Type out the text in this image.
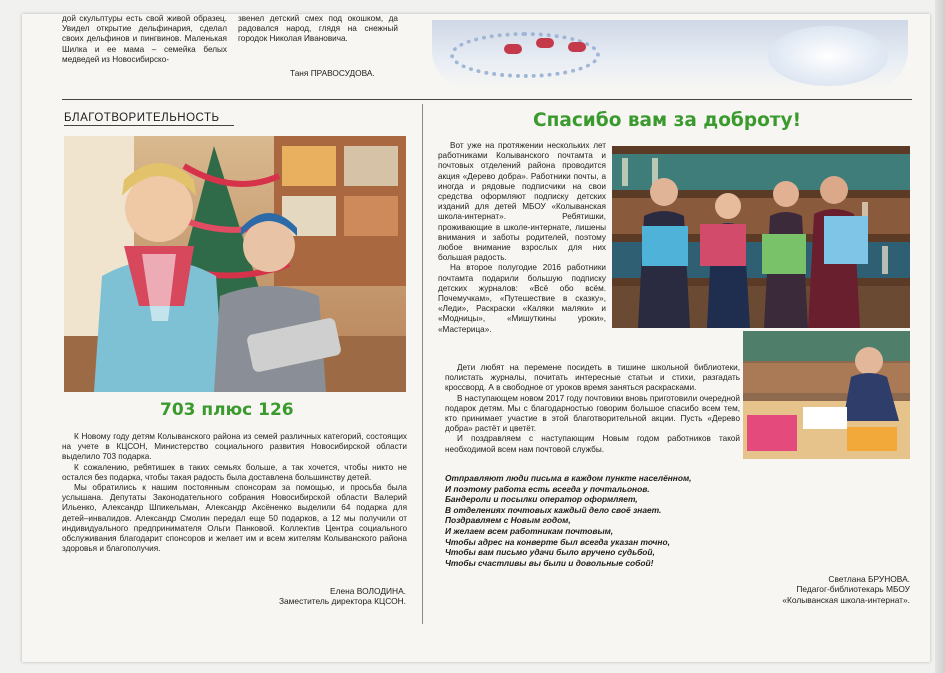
дой скульптуры есть свой живой образец. Увидел открытие дельфинария, сделал своих дельфинов и пингвинов. Маленькая Шилка и ее мама – семейка белых медведей из Новосибирско-

звенел детский смех под окошком, да радовался народ, глядя на снежный городок Николая Ивановича.

Таня ПРАВОСУДОВА.
БЛАГОТВОРИТЕЛЬНОСТЬ
703 плюс 126

К Новому году детям Колыванского района из семей различных категорий, состоящих на учете в КЦСОН, Министерство социального развития Новосибирской области выделило 703 подарка.

К сожалению, ребятишек в таких семьях больше, а так хочется, чтобы никто не остался без подарка, чтобы такая радость была доставлена большинству детей.

Мы обратились к нашим постоянным спонсорам за помощью, и просьба была услышана. Депутаты Законодательного собрания Новосибирской области Валерий Ильенко, Александр Шпикельман, Александр Аксёненко выделили 64 подарка для детей–инвалидов. Александр Смолин передал еще 50 подарков, а 12 мы получили от индивидуального предпринимателя Ольги Панковой. Коллектив Центра социального обслуживания благодарит спонсоров и желает им и всем жителям Колыванского района здоровья и благополучия.

Елена ВОЛОДИНА.
Заместитель директора КЦСОН.
Спасибо вам за доброту!

Вот уже на протяжении нескольких лет работниками Колыванского почтамта и почтовых отделений района проводится акция «Дерево добра». Работники почты, а иногда и рядовые подписчики на свои средства оформляют подписку детских изданий для детей МБОУ «Колыванская школа-интернат». Ребятишки, проживающие в школе-интернате, лишены внимания и заботы родителей, поэтому любое внимание взрослых для них большая радость.

На второе полугодие 2016 работники почтамта подарили большую подписку детских журналов: «Всё обо всём. Почемучкам», «Путешествие в сказку», «Леди», Раскраски «Каляки маляки» и «Модницы», «Мишуткины уроки», «Мастерица».

Дети любят на перемене посидеть в тишине школьной библиотеки, полистать журналы, почитать интересные статьи и стихи, разгадать кроссворд. А в свободное от уроков время заняться раскрасками.

В наступающем новом 2017 году почтовики вновь приготовили очередной подарок детям. Мы с благодарностью говорим большое спасибо всем тем, кто принимает участие в этой благотворительной акции. Пусть «Дерево добра» растёт и цветёт.

И поздравляем с наступающим Новым годом работников такой необходимой всем нам почтовой службы.

Отправляют люди письма в каждом пункте населённом,
И поэтому работа есть всегда у почтальонов.
Бандероли и посылки оператор оформляет,
В отделениях почтовых каждый дело своё знает.
Поздравляем с Новым годом,
И желаем всем работникам почтовым,
Чтобы адрес на конверте был всегда указан точно,
Чтобы вам письмо удачи было вручено судьбой,
Чтобы счастливы вы были и довольные собой!
Светлана БРУНОВА.
Педагог-библиотекарь МБОУ
«Колыванская школа-интернат».
